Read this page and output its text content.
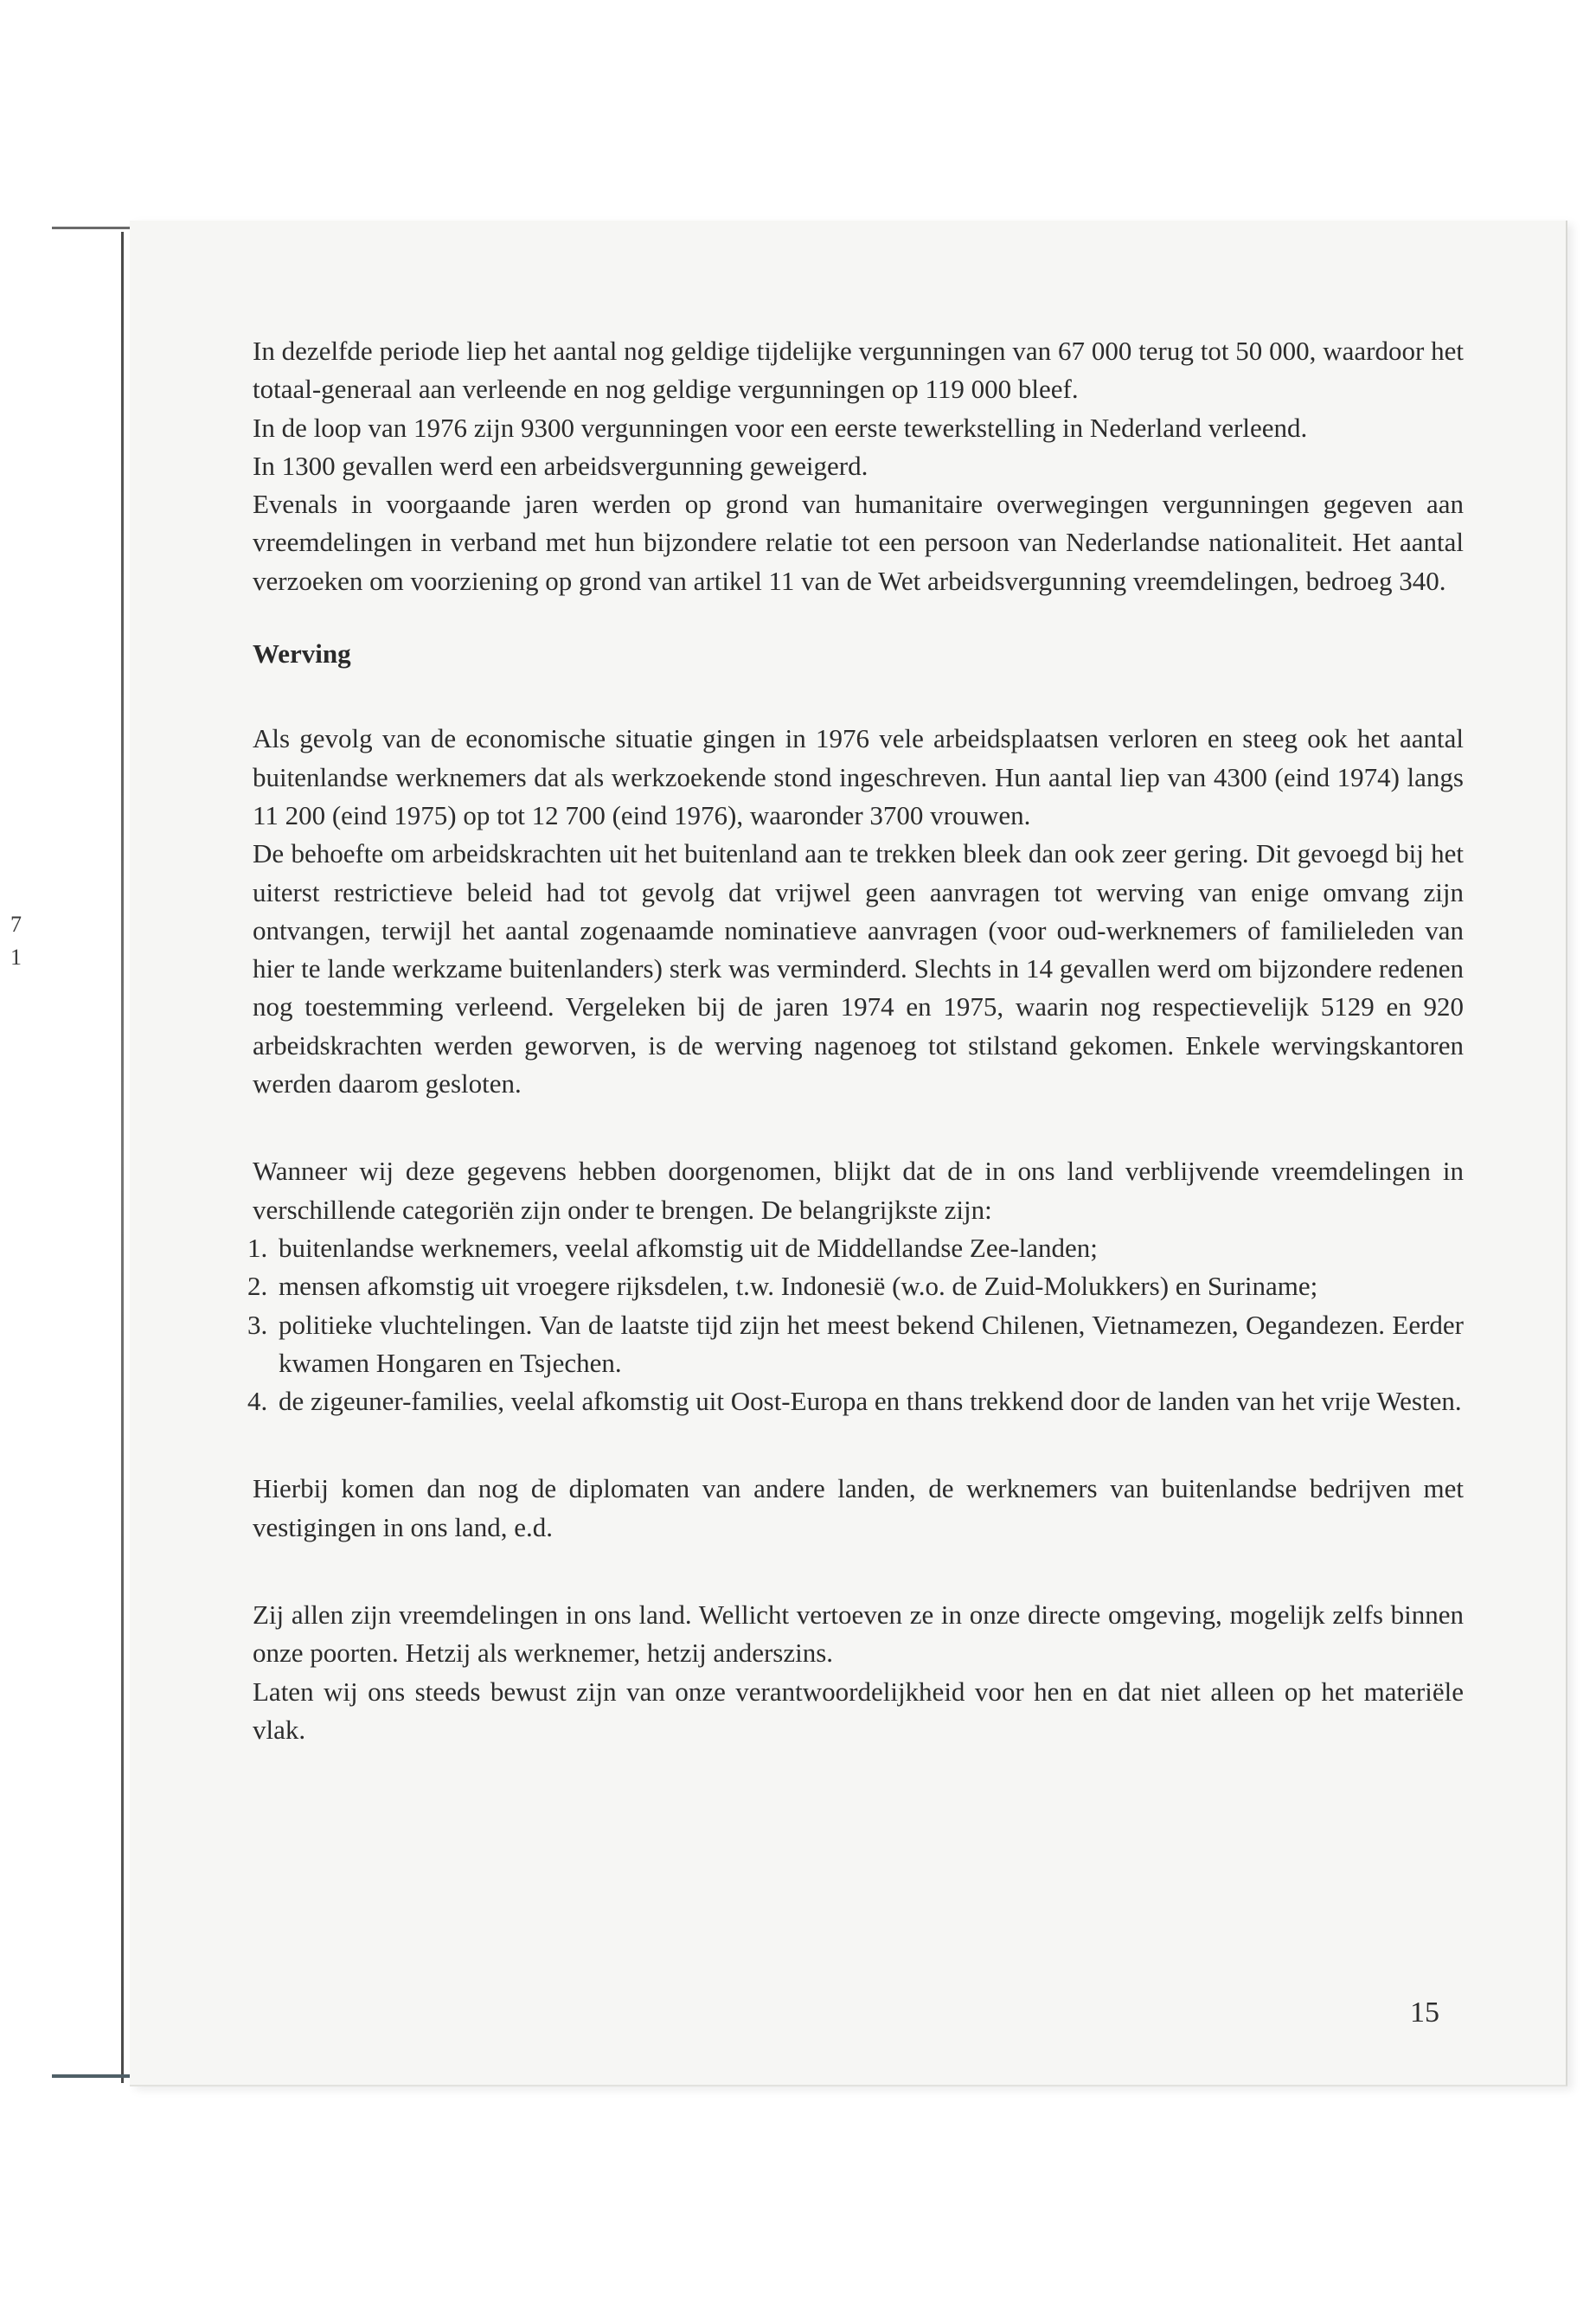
7
1

In dezelfde periode liep het aantal nog geldige tijdelijke vergunningen van 67 000 terug tot 50 000, waardoor het totaal-generaal aan verleende en nog geldige vergunningen op 119 000 bleef.

In de loop van 1976 zijn 9300 vergunningen voor een eerste tewerkstelling in Nederland verleend.

In 1300 gevallen werd een arbeidsvergunning geweigerd.

Evenals in voorgaande jaren werden op grond van humanitaire overwegingen vergunningen gegeven aan vreemdelingen in verband met hun bijzondere relatie tot een persoon van Nederlandse nationaliteit. Het aantal verzoeken om voorziening op grond van artikel 11 van de Wet arbeidsvergunning vreemdelingen, bedroeg 340.

Werving

Als gevolg van de economische situatie gingen in 1976 vele arbeidsplaatsen verloren en steeg ook het aantal buitenlandse werknemers dat als werkzoekende stond ingeschreven. Hun aantal liep van 4300 (eind 1974) langs 11 200 (eind 1975) op tot 12 700 (eind 1976), waaronder 3700 vrouwen.

De behoefte om arbeidskrachten uit het buitenland aan te trekken bleek dan ook zeer gering. Dit gevoegd bij het uiterst restrictieve beleid had tot gevolg dat vrijwel geen aanvragen tot werving van enige omvang zijn ontvangen, terwijl het aantal zogenaamde nominatieve aanvragen (voor oud-werknemers of familieleden van hier te lande werkzame buitenlanders) sterk was verminderd. Slechts in 14 gevallen werd om bijzondere redenen nog toestemming verleend. Vergeleken bij de jaren 1974 en 1975, waarin nog respectievelijk 5129 en 920 arbeidskrachten werden geworven, is de werving nagenoeg tot stilstand gekomen. Enkele wervingskantoren werden daarom gesloten.

Wanneer wij deze gegevens hebben doorgenomen, blijkt dat de in ons land verblijvende vreemdelingen in verschillende categoriën zijn onder te brengen. De belangrijkste zijn:

1. buitenlandse werknemers, veelal afkomstig uit de Middellandse Zee-landen;
2. mensen afkomstig uit vroegere rijksdelen, t.w. Indonesië (w.o. de Zuid-Molukkers) en Suriname;
3. politieke vluchtelingen. Van de laatste tijd zijn het meest bekend Chilenen, Vietnamezen, Oegandezen. Eerder kwamen Hongaren en Tsjechen.
4. de zigeuner-families, veelal afkomstig uit Oost-Europa en thans trekkend door de landen van het vrije Westen.

Hierbij komen dan nog de diplomaten van andere landen, de werknemers van buitenlandse bedrijven met vestigingen in ons land, e.d.

Zij allen zijn vreemdelingen in ons land. Wellicht vertoeven ze in onze directe omgeving, mogelijk zelfs binnen onze poorten. Hetzij als werknemer, hetzij anderszins.

Laten wij ons steeds bewust zijn van onze verantwoordelijkheid voor hen en dat niet alleen op het materiële vlak.

15
